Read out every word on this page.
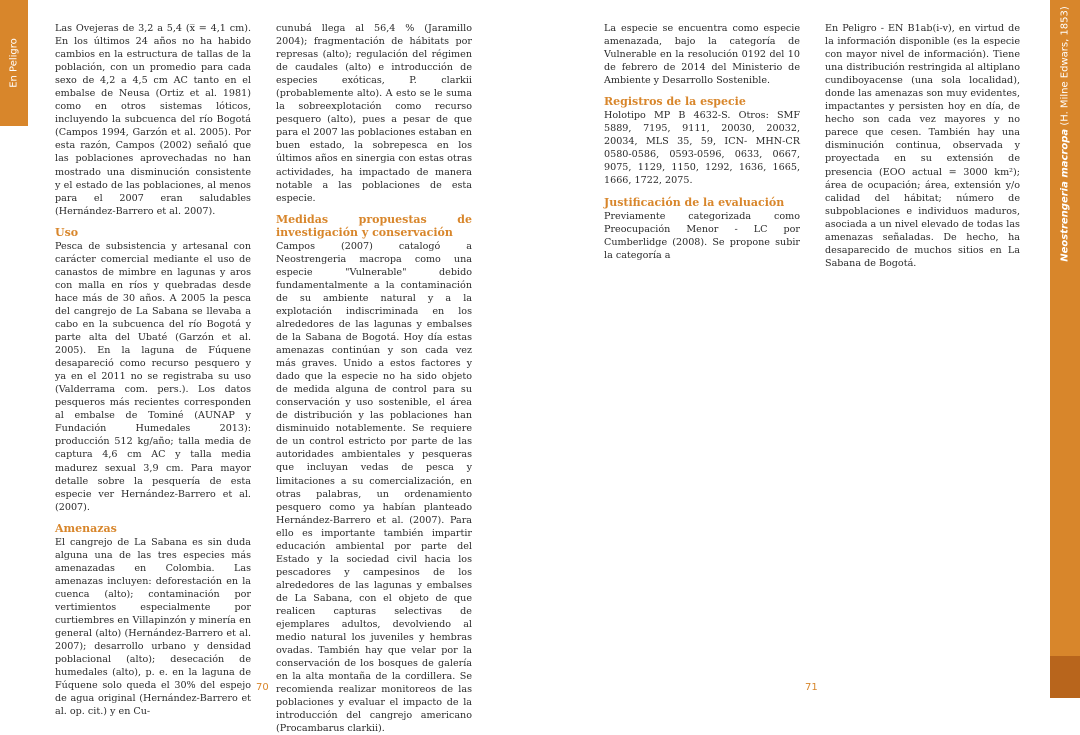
En Peligro
Neostrengeria macropa (H. Milne Edwars, 1853)

Las Ovejeras de 3,2 a 5,4 (x̅ = 4,1 cm). En los últimos 24 años no ha habido cambios en la estructura de tallas de la población, con un promedio para cada sexo de 4,2 a 4,5 cm AC tanto en el embalse de Neusa (Ortiz et al. 1981) como en otros sistemas lóticos, incluyendo la subcuenca del río Bogotá (Campos 1994, Garzón et al. 2005). Por esta razón, Campos (2002) señaló que las poblaciones aprovechadas no han mostrado una disminución consistente y el estado de las poblaciones, al menos para el 2007 eran saludables (Hernández-Barrero et al. 2007).

Uso

Pesca de subsistencia y artesanal con carácter comercial mediante el uso de canastos de mimbre en lagunas y aros con malla en ríos y quebradas desde hace más de 30 años. A 2005 la pesca del cangrejo de La Sabana se llevaba a cabo en la subcuenca del río Bogotá y parte alta del Ubaté (Garzón et al. 2005). En la laguna de Fúquene desapareció como recurso pesquero y ya en el 2011 no se registraba su uso (Valderrama com. pers.). Los datos pesqueros más recientes corresponden al embalse de Tominé (AUNAP y Fundación Humedales 2013): producción 512 kg/año; talla media de captura 4,6 cm AC y talla media madurez sexual 3,9 cm. Para mayor detalle sobre la pesquería de esta especie ver Hernández-Barrero et al. (2007).

Amenazas

El cangrejo de La Sabana es sin duda alguna una de las tres especies más amenazadas en Colombia. Las amenazas incluyen: deforestación en la cuenca (alto); contaminación por vertimientos especialmente por curtiembres en Villapinzón y minería en general (alto) (Hernández-Barrero et al. 2007); desarrollo urbano y densidad poblacional (alto); desecación de humedales (alto), p. e. en la laguna de Fúquene solo queda el 30% del espejo de agua original (Hernández-Barrero et al. op. cit.) y en Cu-

cunubá llega al 56,4 % (Jaramillo 2004); fragmentación de hábitats por represas (alto); regulación del régimen de caudales (alto) e introducción de especies exóticas, P. clarkii (probablemente alto). A esto se le suma la sobreexplotación como recurso pesquero (alto), pues a pesar de que para el 2007 las poblaciones estaban en buen estado, la sobrepesca en los últimos años en sinergia con estas otras actividades, ha impactado de manera notable a las poblaciones de esta especie.

Medidas propuestas de investigación y conservación

Campos (2007) catalogó a Neostrengeria macropa como una especie "Vulnerable" debido fundamentalmente a la contaminación de su ambiente natural y a la explotación indiscriminada en los alrededores de las lagunas y embalses de la Sabana de Bogotá. Hoy día estas amenazas continúan y son cada vez más graves. Unido a estos factores y dado que la especie no ha sido objeto de medida alguna de control para su conservación y uso sostenible, el área de distribución y las poblaciones han disminuido notablemente. Se requiere de un control estricto por parte de las autoridades ambientales y pesqueras que incluyan vedas de pesca y limitaciones a su comercialización, en otras palabras, un ordenamiento pesquero como ya habían planteado Hernández-Barrero et al. (2007). Para ello es importante también impartir educación ambiental por parte del Estado y la sociedad civil hacia los pescadores y campesinos de los alrededores de las lagunas y embalses de La Sabana, con el objeto de que realicen capturas selectivas de ejemplares adultos, devolviendo al medio natural los juveniles y hembras ovadas. También hay que velar por la conservación de los bosques de galería en la alta montaña de la cordillera. Se recomienda realizar monitoreos de las poblaciones y evaluar el impacto de la introducción del cangrejo americano (Procambarus clarkii).

La especie se encuentra como especie amenazada, bajo la categoría de Vulnerable en la resolución 0192 del 10 de febrero de 2014 del Ministerio de Ambiente y Desarrollo Sostenible.

Registros de la especie

Holotipo MP B 4632-S. Otros: SMF 5889, 7195, 9111, 20030, 20032, 20034, MLS 35, 59, ICN- MHN-CR 0580-0586, 0593-0596, 0633, 0667, 9075, 1129, 1150, 1292, 1636, 1665, 1666, 1722, 2075.

Justificación de la evaluación

Previamente categorizada como Preocupación Menor - LC por Cumberlidge (2008). Se propone subir la categoría a

En Peligro - EN B1ab(i-v), en virtud de la información disponible (es la especie con mayor nivel de información). Tiene una distribución restringida al altiplano cundiboyacense (una sola localidad), donde las amenazas son muy evidentes, impactantes y persisten hoy en día, de hecho son cada vez mayores y no parece que cesen. También hay una disminución continua, observada y proyectada en su extensión de presencia (EOO actual = 3000 km²); área de ocupación; área, extensión y/o calidad del hábitat; número de subpoblaciones e individuos maduros, asociada a un nivel elevado de todas las amenazas señaladas. De hecho, ha desaparecido de muchos sitios en La Sabana de Bogotá.

70	71
